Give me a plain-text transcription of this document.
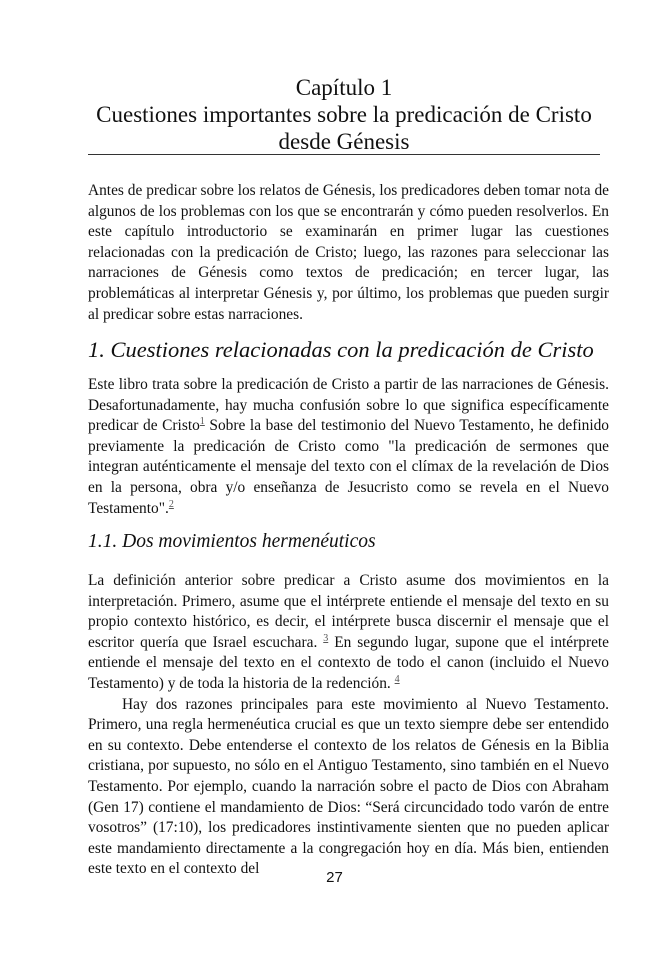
Capítulo 1
Cuestiones importantes sobre la predicación de Cristo
desde Génesis

Antes de predicar sobre los relatos de Génesis, los predicadores deben tomar nota de algunos de los problemas con los que se encontrarán y cómo pueden resolverlos. En este capítulo introductorio se examinarán en primer lugar las cuestiones relacionadas con la predicación de Cristo; luego, las razones para seleccionar las narraciones de Génesis como textos de predicación; en tercer lugar, las problemáticas al interpretar Génesis y, por último, los problemas que pueden surgir al predicar sobre estas narraciones.

1. Cuestiones relacionadas con la predicación de Cristo

Este libro trata sobre la predicación de Cristo a partir de las narraciones de Génesis. Desafortunadamente, hay mucha confusión sobre lo que significa específicamente predicar de Cristo$^1$ Sobre la base del testimonio del Nuevo Testamento, he definido previamente la predicación de Cristo como "la predicación de sermones que integran auténticamente el mensaje del texto con el clímax de la revelación de Dios en la persona, obra y/o enseñanza de Jesucristo como se revela en el Nuevo Testamento".$^2$

1.1. Dos movimientos hermenéuticos

La definición anterior sobre predicar a Cristo asume dos movimientos en la interpretación. Primero, asume que el intérprete entiende el mensaje del texto en su propio contexto histórico, es decir, el intérprete busca discernir el mensaje que el escritor quería que Israel escuchara. $^3$ En segundo lugar, supone que el intérprete entiende el mensaje del texto en el contexto de todo el canon (incluido el Nuevo Testamento) y de toda la historia de la redención. $^4$

Hay dos razones principales para este movimiento al Nuevo Testamento. Primero, una regla hermenéutica crucial es que un texto siempre debe ser entendido en su contexto. Debe entenderse el contexto de los relatos de Génesis en la Biblia cristiana, por supuesto, no sólo en el Antiguo Testamento, sino también en el Nuevo Testamento. Por ejemplo, cuando la narración sobre el pacto de Dios con Abraham (Gen 17) contiene el mandamiento de Dios: “Será circuncidado todo varón de entre vosotros” (17:10), los predicadores instintivamente sienten que no pueden aplicar este mandamiento directamente a la congregación hoy en día. Más bien, entienden este texto en el contexto del

27
